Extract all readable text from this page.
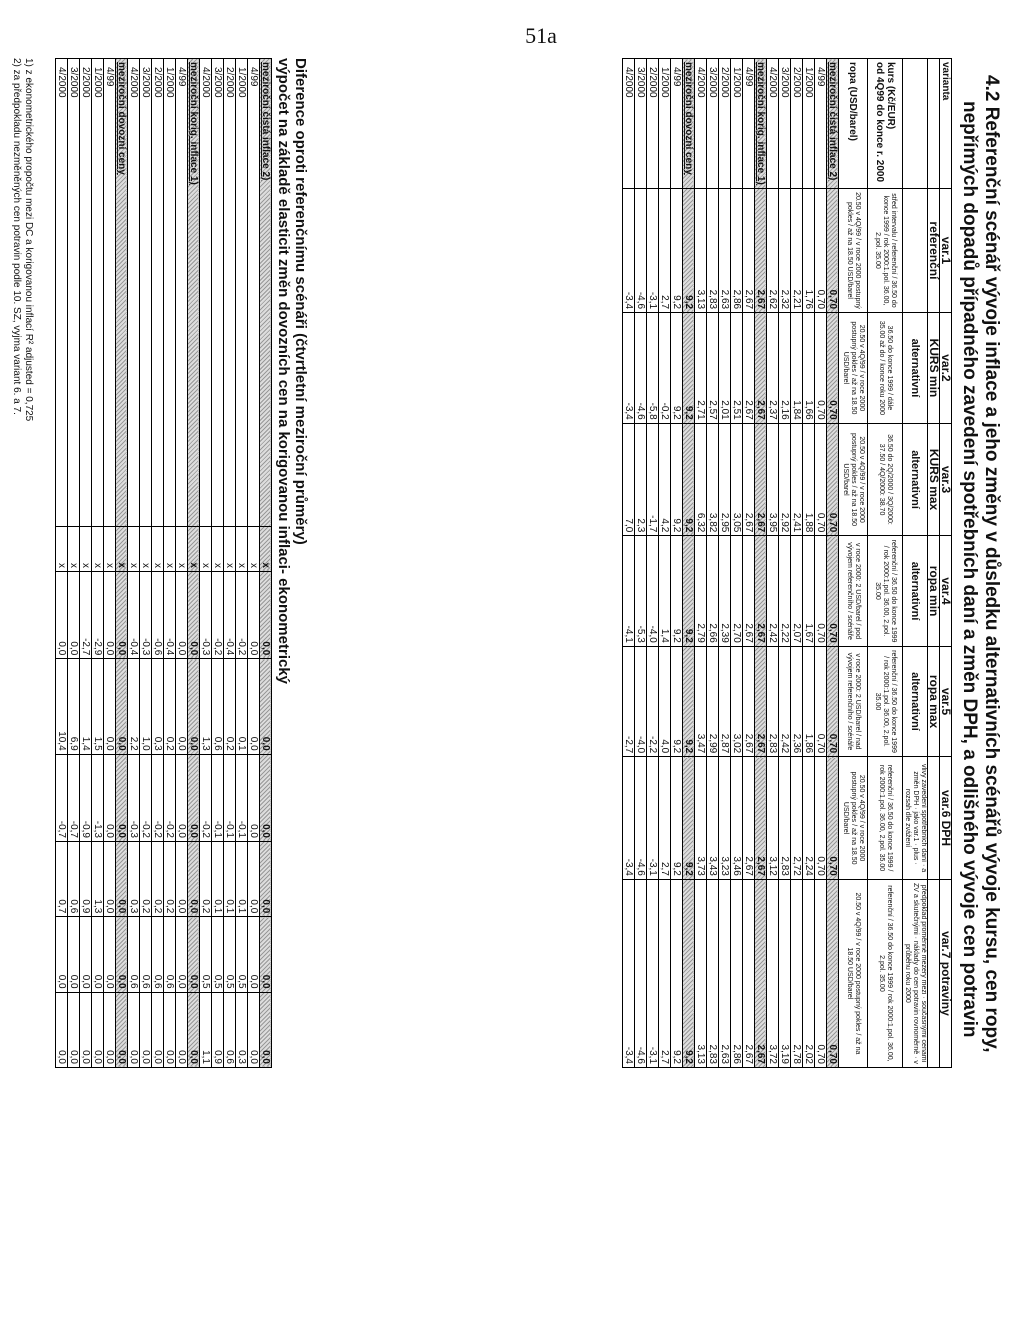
51a
4.2 Referenční scénář vývoje inflace a jeho změny v důsledku alternativních scénářů vývoje kursu, cen ropy,
nepřímých dopadů případného zavedení spotřebních daní a změn DPH, a odlišného vývoje cen potravin
varianta	var.1	var.2	var.3	var.4	var.5	var.6 DPH	var.7 potraviny
	referenční	KURS min	KURS max	ropa min	ropa max		
		alternativní	alternativní	alternativní	alternativní	vlivy zavedení spotřebních daní · a změn DPH · jako var.1 · plus · rozsah dle zvážení	předpoklad proměnné mezery mezi · současnými cenami ZV a skutečnými · náklady do cen potravin rovnoměrně · v průběhu roku 2000

kurs (Kč/EUR)
od 4Q99 do konce r. 2000	střed intervalu / referenční / 36.50 do konce 1999 / rok 2000:1.pol. 36.00, 2.pol. 35.00	36.50 do konce 1999 / dále 35.00 až do / konce roku 2000	36.50 do 2Q/2000 / 3Q/2000: 37.50 / 4Q/2000: 38.70	referenční / 36.50 do konce 1999 / rok 2000:1.pol. 36.00, 2.pol. 35.00	referenční / 36.50 do konce 1999 / rok 2000:1.pol. 36.00, 2.pol. 35.00	referenční / 36.50 do konce 1999 / rok 2000:1.pol. 36.00, 2.pol. 35.00	referenční / 36.50 do konce 1999 / rok 2000:1.pol. 36.00, 2.pol. 35.00
ropa (USD/barel)	20.50 v 4Q/99 / v roce 2000 postupný pokles / až na 18.50 USD/barel	20.50 v 4Q/99 / v roce 2000 postupný pokles / až na 18.50 USD/barel	20.50 v 4Q/99 / v roce 2000 postupný pokles / až na 18.50 USD/barel	v roce 2000: 2 USD/barel / pod vývojem referenčního / scénáře	v roce 2000: 2 USD/barel / nad vývojem referenčního / scénáře	20.50 v 4Q/99 / v roce 2000 postupný pokles / až na 18.50 USD/barel	20.50 v 4Q/99 / v roce 2000 postupný pokles / až na 18.50 USD/barel
meziroční čistá inflace 2)	0,70	0,70	0,70	0,70	0,70	0,70	0,70
4/99	0,70	0,70	0,70	0,70	0,70	0,70	0,70
1/2000	1,76	1,66	1,88	1,67	1,86	2,24	2,02
2/2000	2,21	1,84	2,41	2,07	2,36	2,72	2,78
3/2000	2,32	2,16	2,92	2,22	2,42	2,83	3,19
4/2000	2,62	2,37	3,95	2,42	2,83	3,12	3,72
meziroční korig. inflace 1)	2,67	2,67	2,67	2,67	2,67	2,67	2,67
4/99	2,67	2,67	2,67	2,67	2,67	2,67	2,67
1/2000	2,86	2,51	3,05	2,70	3,02	3,46	2,86
2/2000	2,63	2,01	2,95	2,39	2,87	3,23	2,63
3/2000	2,83	2,57	3,82	2,66	2,99	3,43	2,83
4/2000	3,13	2,71	6,32	2,79	3,47	3,73	3,13
meziroční dovozní ceny	9,2	9,2	9,2	9,2	9,2	9,2	9,2
4/99	9,2	9,2	9,2	9,2	9,2	9,2	9,2
1/2000	2,7	-0,2	4,2	1,4	4,0	2,7	2,7
2/2000	-3,1	-5,8	-1,7	-4,0	-2,2	-3,1	-3,1
3/2000	-4,6	-4,6	2,3	-5,3	-4,0	-4,6	-4,6
4/2000	-3,4	-3,4	7,0	-4,1	-2,7	-3,4	-3,4
Diference oproti referenčnímu scénáři (čtvrtletní meziroční průměry)
výpočet na základě elasticit změn dovozních cen na korigovanou inflaci- ekonometrický
meziroční čistá inflace 2)	x	0,0	0,0	0,0	0,0	0,0	0,0
4/99	x	0,0	0,0	0,0	0,0	0,0	0,0
1/2000	x	-0,2	0,1	-0,1	0,1	0,5	0,3
2/2000	x	-0,4	0,2	-0,1	0,1	0,5	0,6
3/2000	x	-0,2	0,6	-0,1	0,1	0,5	0,9
4/2000	x	-0,3	1,3	-0,2	0,2	0,5	1,1
meziroční korig. inflace 1)	x	0,0	0,0	0,0	0,0	0,0	0,0
4/99	x	0,0	0,0	0,0	0,0	0,0	0,0
1/2000	x	-0,4	0,2	-0,2	0,2	0,6	0,0
2/2000	x	-0,6	0,3	-0,2	0,2	0,6	0,0
3/2000	x	-0,3	1,0	-0,2	0,2	0,6	0,0
4/2000	x	-0,4	2,2	-0,3	0,3	0,6	0,0
meziroční dovozní ceny	x	0,0	0,0	0,0	0,0	0,0	0,0
4/99	x	0,0	0,0	0,0	0,0	0,0	0,0
1/2000	x	-2,9	1,5	-1,3	1,3	0,0	0,0
2/2000	x	-2,7	1,4	-0,9	0,9	0,0	0,0
3/2000	x	0,0	6,9	-0,7	0,6	0,0	0,0
4/2000	x	0,0	10,4	-0,7	0,7	0,0	0,0
1) z ekonometrického propočtu mezi DC a korigovanou inflací R² adjusted = 0,725
2) za předpokladu nezměněných cen potravin podle 10. SZ, vyjma variant 6. a 7.
